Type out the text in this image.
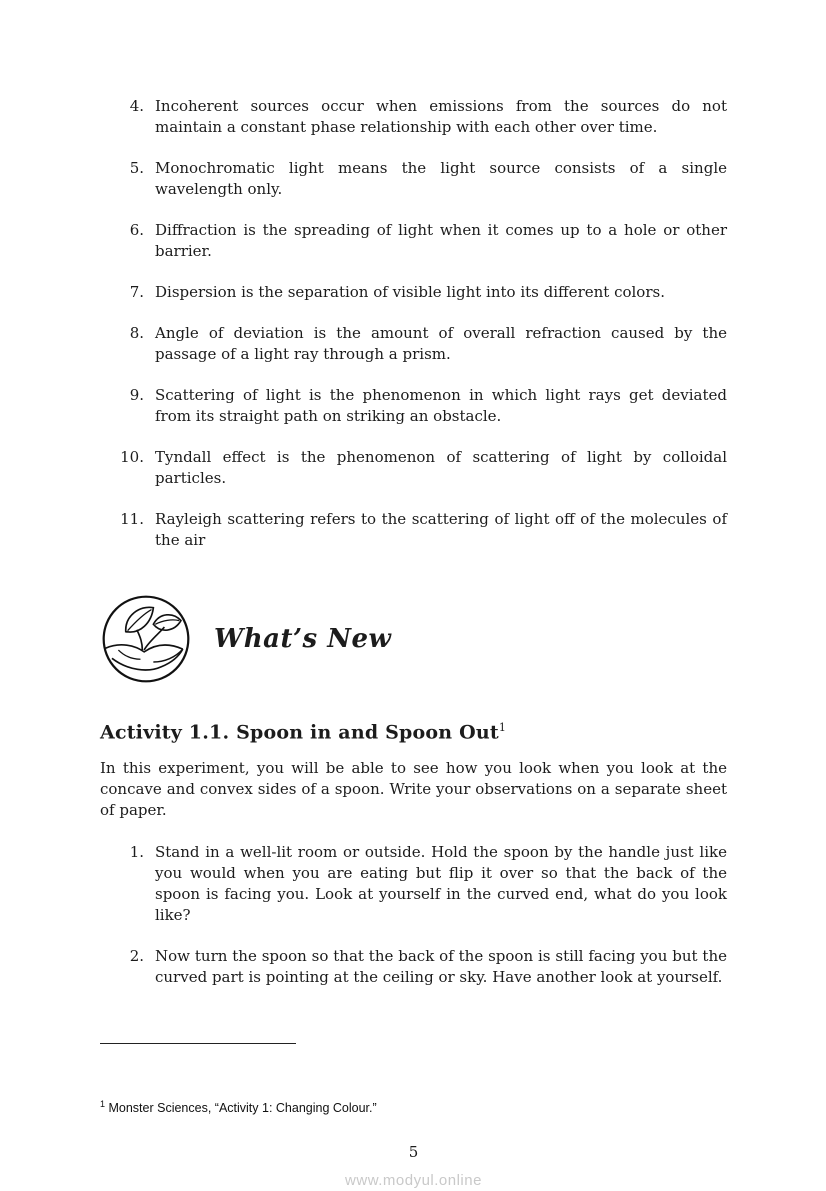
4. Incoherent sources occur when emissions from the sources do not maintain a constant phase relationship with each other over time.
5. Monochromatic light means the light source consists of a single wavelength only.
6. Diffraction is the spreading of light when it comes up to a hole or other barrier.
7. Dispersion is the separation of visible light into its different colors.
8. Angle of deviation is the amount of overall refraction caused by the passage of a light ray through a prism.
9. Scattering of light is the phenomenon in which light rays get deviated from its straight path on striking an obstacle.
10. Tyndall effect is the phenomenon of scattering of light by colloidal particles.
11. Rayleigh scattering refers to the scattering of light off of the molecules of the air
What’s New
Activity 1.1. Spoon in and Spoon Out$^1$
In this experiment, you will be able to see how you look when you look at the concave and convex sides of a spoon. Write your observations on a separate sheet of paper.
1. Stand in a well-lit room or outside. Hold the spoon by the handle just like you would when you are eating but flip it over so that the back of the spoon is facing you. Look at yourself in the curved end, what do you look like?
2. Now turn the spoon so that the back of the spoon is still facing you but the curved part is pointing at the ceiling or sky. Have another look at yourself.
$^1$ Monster Sciences, “Activity 1: Changing Colour.”
5
www.modyul.online
